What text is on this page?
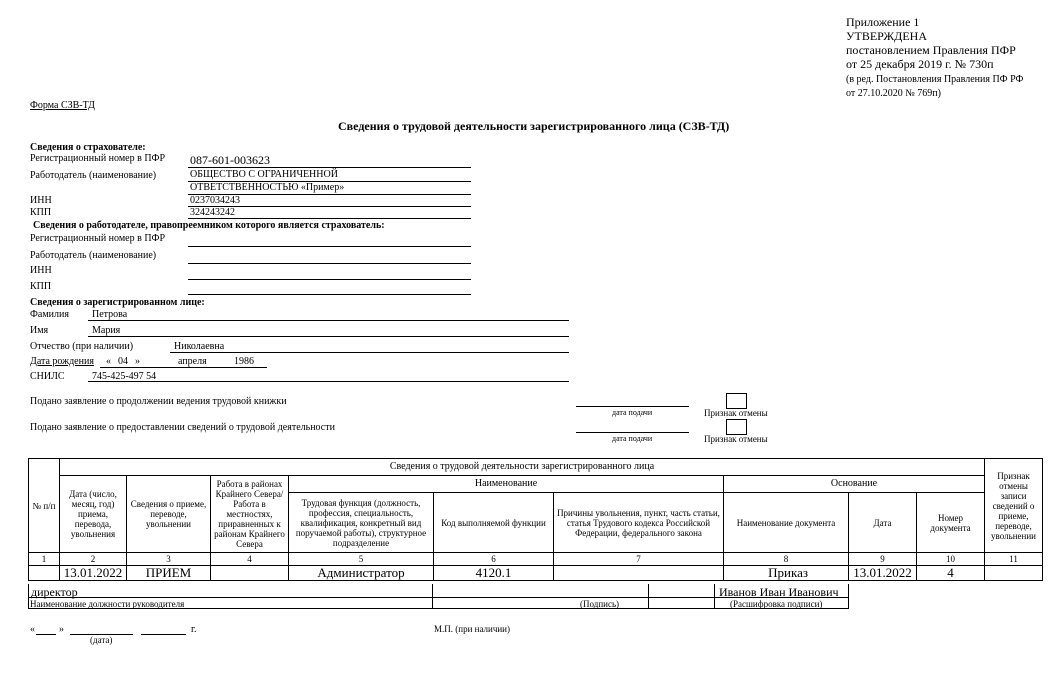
Приложение 1
УТВЕРЖДЕНА
постановлением Правления ПФР
от 25 декабря 2019 г. № 730п
(в ред. Постановления Правления ПФ РФ
от 27.10.2020 № 769п)
Форма СЗВ-ТД
Сведения о трудовой деятельности зарегистрированного лица (СЗВ-ТД)
Сведения о страхователе:
Регистрационный номер в ПФР 087-601-003623
Работодатель (наименование)	ОБЩЕСТВО С ОГРАНИЧЕННОЙ
ОТВЕТСТВЕННОСТЬЮ «Пример»
ИНН	0237034243
КПП	324243242
Сведения о работодателе, правопреемником которого является страхователь:
Регистрационный номер в ПФР
Работодатель (наименование)
ИНН
КПП
Сведения о зарегистрированном лице:
Фамилия Петрова
Имя	Мария
Отчество (при наличии)	Николаевна
Дата рождения « 04 »	апреля	1986
СНИЛС	745-425-497 54
Подано заявление о продолжении ведения трудовой книжки
дата подачи	Признак отмены
Подано заявление о предоставлении сведений о трудовой деятельности
дата подачи	Признак отмены
№ п/п	Сведения о трудовой деятельности зарегистрированного лица									Признак отмены записи сведений о приеме, переводе, увольнении
	Дата (число, месяц, год) приема, перевода, увольнения	Сведения о приеме, переводе, увольнении	Работа в районах Крайнего Севера/Работа в местностях, приравненных к районам Крайнего Севера	Наименование			Основание			
				Трудовая функция (должность, профессия, специальность, квалификация, конкретный вид поручаемой работы), структурное подразделение	Код выполняемой функции	Причины увольнения, пункт, часть статьи, статья Трудового кодекса Российской Федерации, федерального закона	Наименование документа	Дата	Номер документа	
1	2	3	4	5	6	7	8	9	10	11
	13.01.2022	ПРИЕМ		Администратор	4120.1		Приказ	13.01.2022	4	
директор
Наименование должности руководителя	(Подпись)
Иванов Иван Иванович
(Расшифровка подписи)
« »	г.
(дата)
М.П. (при наличии)
